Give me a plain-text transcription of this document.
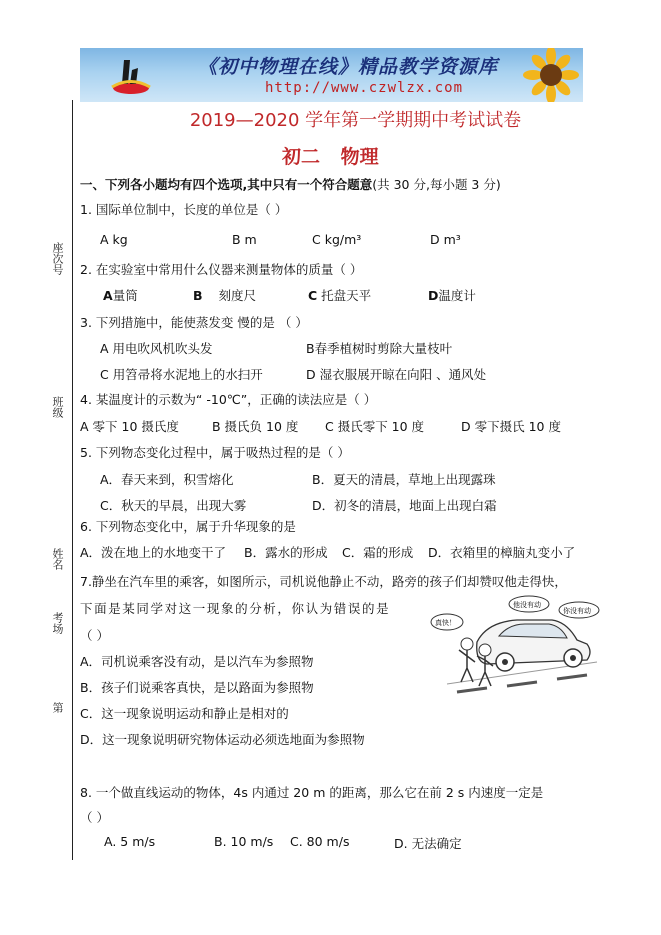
《初中物理在线》精品教学资源库
http://www.czwlzx.com
座次号
班级
姓名
考场
第
2019—2020 学年第一学期期中考试试卷
初二 物理
一、下列各小题均有四个选项,其中只有一个符合题意(共 30 分,每小题 3 分)
1. 国际单位制中，长度的单位是（ ）
A kg	B m	C kg/m³	D m³
2. 在实验室中常用什么仪器来测量物体的质量（ ）
A量筒	B 刻度尺	C 托盘天平	D温度计
3. 下列措施中，能使蒸发变 慢的是 （ ）
A 用电吹风机吹头发	B春季植树时剪除大量枝叶
C 用笤帚将水泥地上的水扫开	D 湿衣服展开晾在向阳 、通风处
4. 某温度计的示数为“ -10℃”，正确的读法应是（ ）
A 零下 10 摄氏度	B 摄氏负 10 度 C 摄氏零下 10 度	D 零下摄氏 10 度
5. 下列物态变化过程中，属于吸热过程的是（ ）
A．春天来到，积雪熔化	B．夏天的清晨，草地上出现露珠
C．秋天的早晨，出现大雾	D．初冬的清晨，地面上出现白霜
6. 下列物态变化中，属于升华现象的是
A．泼在地上的水地变干了 B．露水的形成 C．霜的形成 D．衣箱里的樟脑丸变小了
7.静坐在汽车里的乘客，如图所示，司机说他静止不动，路旁的孩子们却赞叹他走得快，
下面是某同学对这一现象的分析，你认为错误的是
（ ）
A．司机说乘客没有动，是以汽车为参照物
B．孩子们说乘客真快，是以路面为参照物
C．这一现象说明运动和静止是相对的
D．这一现象说明研究物体运动必须选地面为参照物
真快！
他没有动
你没有动
8. 一个做直线运动的物体，4s 内通过 20 m 的距离，那么它在前 2 s 内速度一定是
（ ）
A. 5 m/s	B. 10 m/s C. 80 m/s	D. 无法确定
